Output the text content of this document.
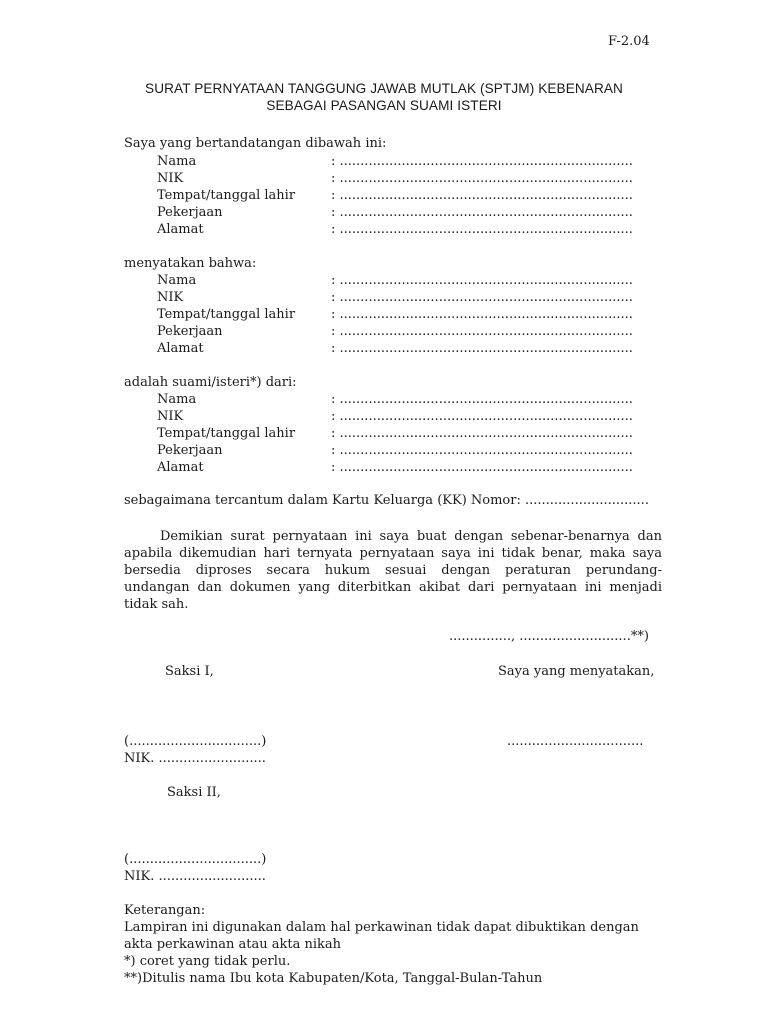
F-2.04
SURAT PERNYATAAN TANGGUNG JAWAB MUTLAK (SPTJM) KEBENARAN
SEBAGAI PASANGAN SUAMI ISTERI
Saya yang bertandatangan dibawah ini:
Nama	: .......................................................................
NIK	: .......................................................................
Tempat/tanggal lahir	: .......................................................................
Pekerjaan	: .......................................................................
Alamat	: .......................................................................
menyatakan bahwa:
Nama	: .......................................................................
NIK	: .......................................................................
Tempat/tanggal lahir	: .......................................................................
Pekerjaan	: .......................................................................
Alamat	: .......................................................................
adalah suami/isteri*) dari:
Nama	: .......................................................................
NIK	: .......................................................................
Tempat/tanggal lahir	: .......................................................................
Pekerjaan	: .......................................................................
Alamat	: .......................................................................
sebagaimana tercantum dalam Kartu Keluarga (KK) Nomor: ..............................
Demikian surat pernyataan ini saya buat dengan sebenar-benarnya dan
apabila dikemudian hari ternyata pernyataan saya ini tidak benar, maka saya
bersedia diproses secara hukum sesuai dengan peraturan perundang-
undangan dan dokumen yang diterbitkan akibat dari pernyataan ini menjadi
tidak sah.
..............., ...........................**)
Saksi I,	Saya yang menyatakan,
(................................)	.................................
NIK. ..........................
Saksi II,
(................................)
NIK. ..........................
Keterangan:
Lampiran ini digunakan dalam hal perkawinan tidak dapat dibuktikan dengan
akta perkawinan atau akta nikah
*) coret yang tidak perlu.
**)Ditulis nama Ibu kota Kabupaten/Kota, Tanggal-Bulan-Tahun
